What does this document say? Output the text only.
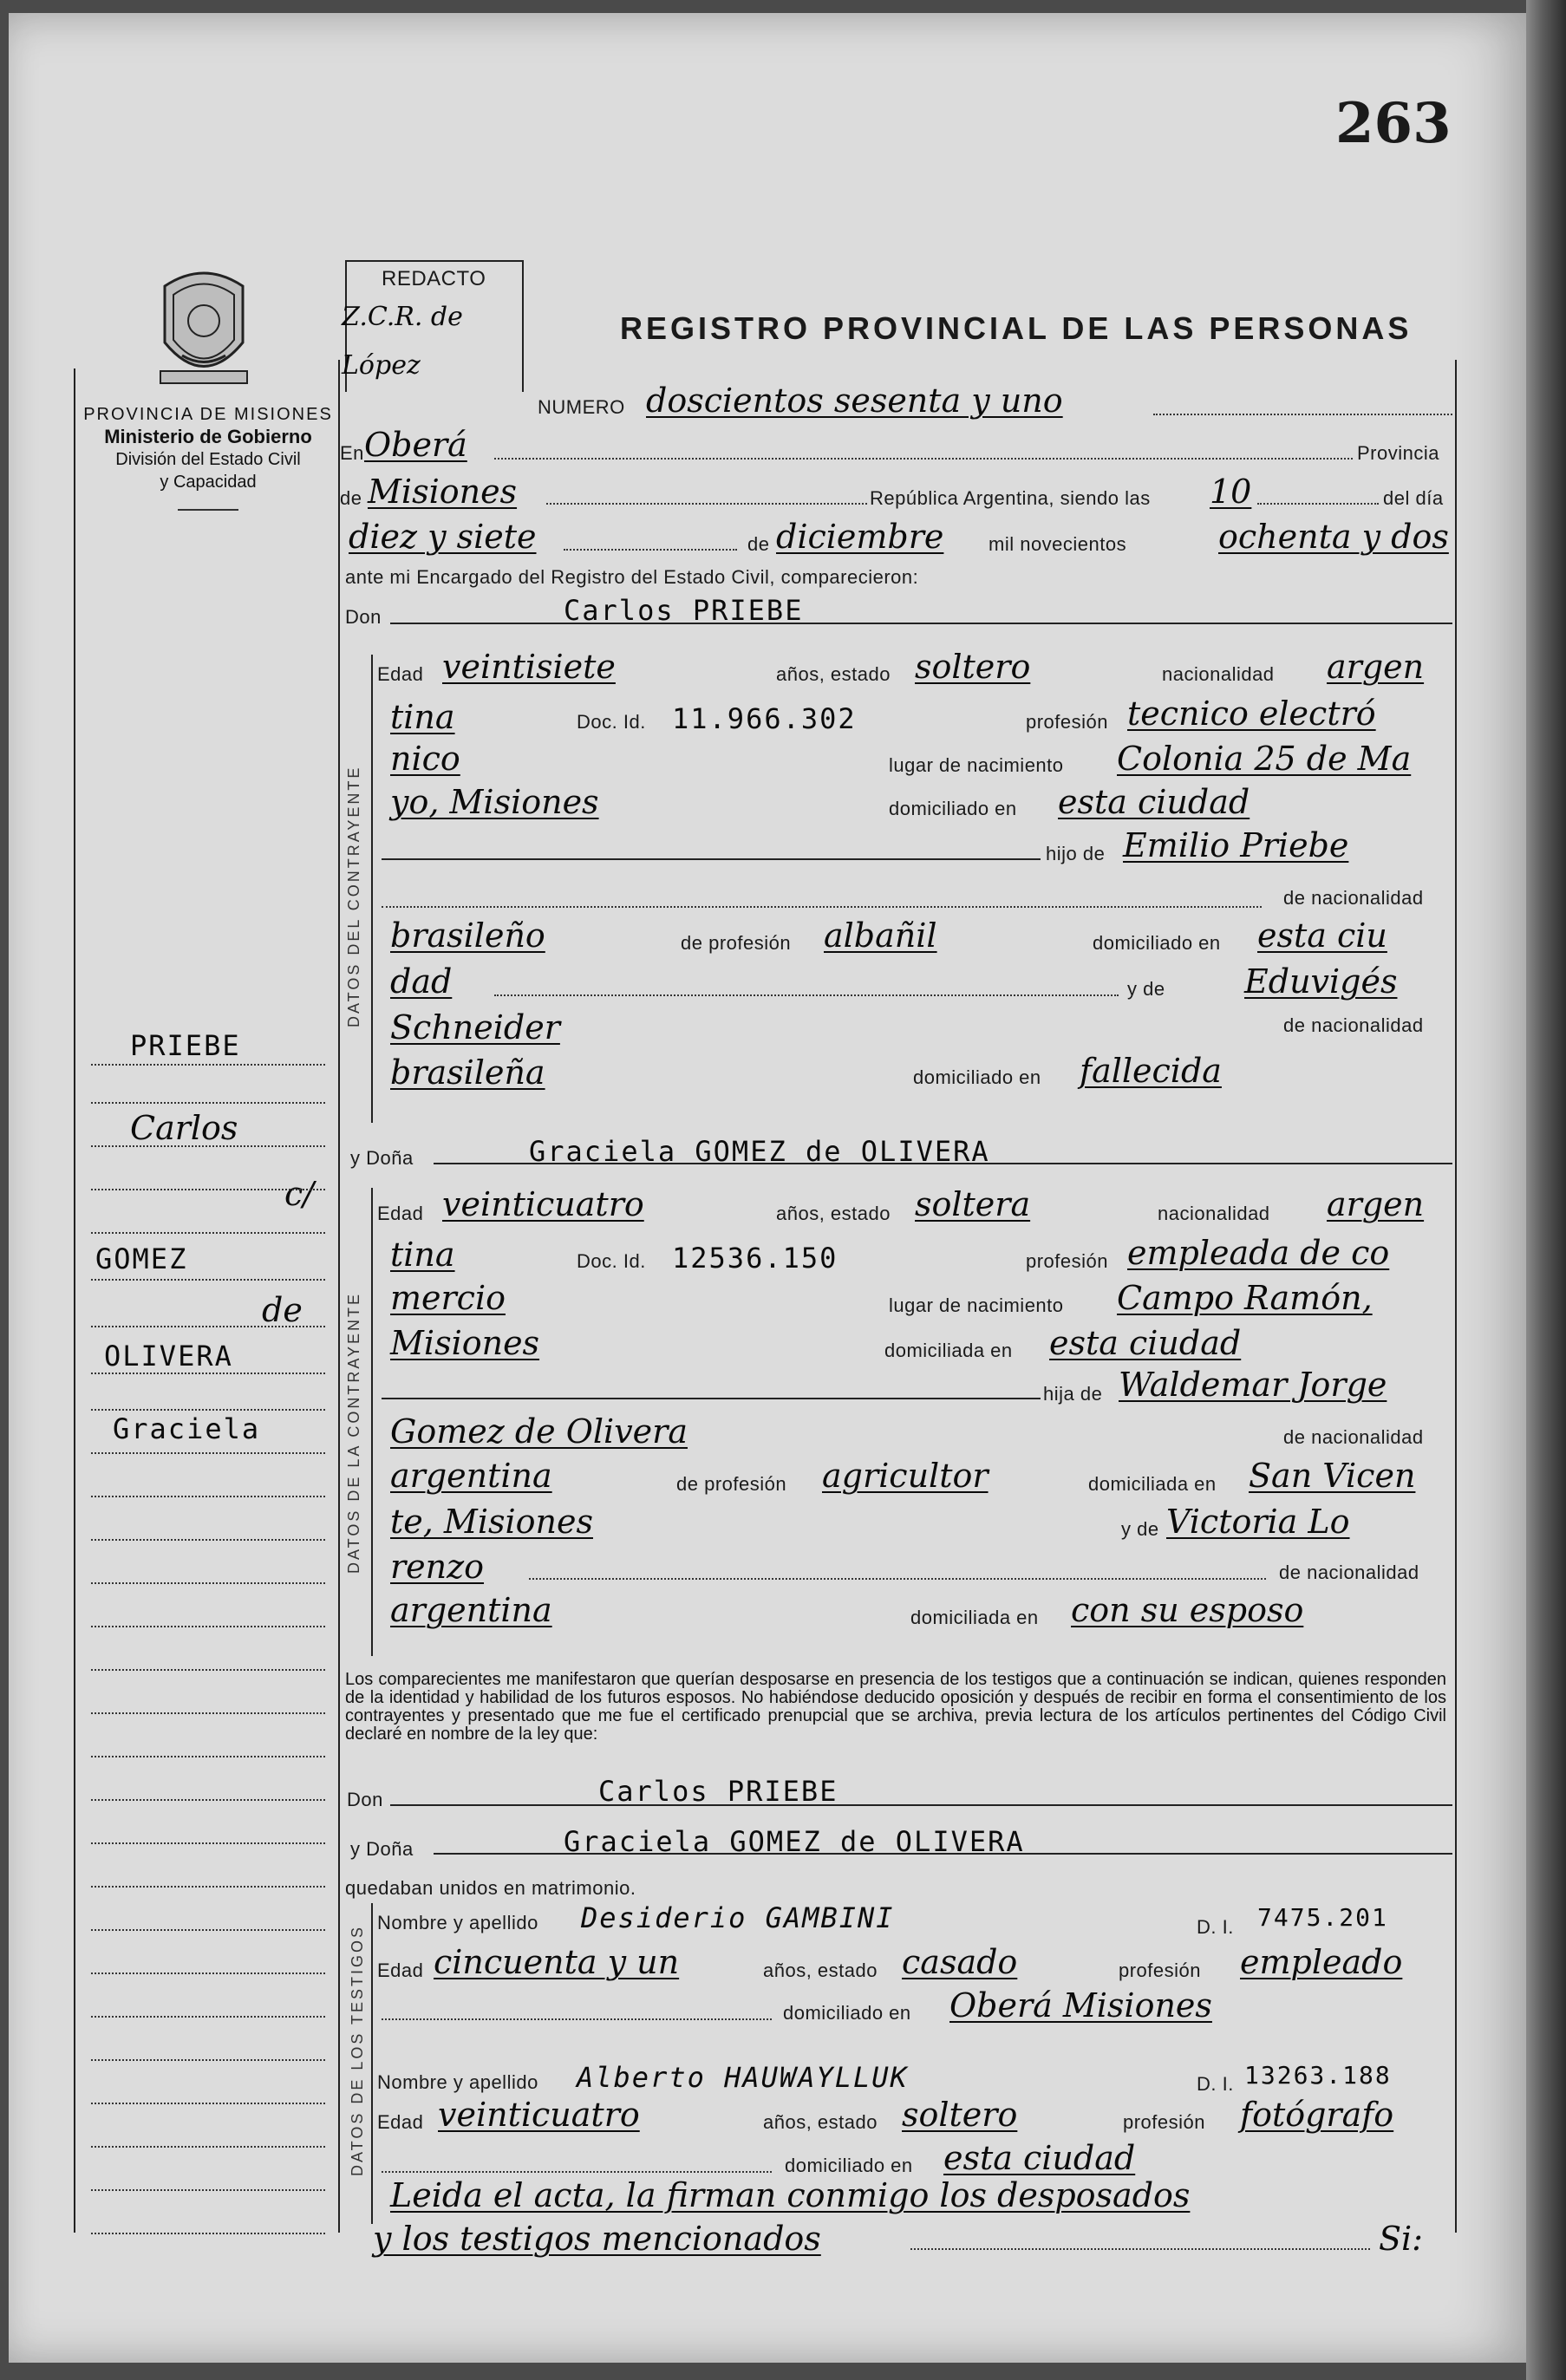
263
PROVINCIA DE MISIONES
Ministerio de Gobierno
División del Estado Civil
y Capacidad
REDACTO
Z.C.R. de López
REGISTRO PROVINCIAL DE LAS PERSONAS
PRIEBE
Carlos
c/
GOMEZ
de
OLIVERA
Graciela
NUMERO doscientos sesenta y uno
En Oberá	Provincia
de Misiones	República Argentina, siendo las 10	del día
diez y siete	de diciembre mil novecientos	ochenta y dos
ante mi Encargado del Registro del Estado Civil, comparecieron:
Don	Carlos PRIEBE
DATOS DEL CONTRAYENTE
Edad veintisiete	años, estado soltero	nacionalidad argen
tina	Doc. Id. 11.966.302	profesión tecnico electró
nico	lugar de nacimiento Colonia 25 de Ma
yo, Misiones	domiciliado en esta ciudad
hijo de Emilio Priebe
de nacionalidad
brasileño	de profesión albañil	domiciliado en esta ciu
dad	y de Eduvigés
Schneider	de nacionalidad
brasileña	domiciliado en fallecida
y Doña	Graciela GOMEZ de OLIVERA
DATOS DE LA CONTRAYENTE
Edad veinticuatro	años, estado soltera	nacionalidad argen
tina	Doc. Id. 12536.150	profesión empleada de co
mercio	lugar de nacimiento Campo Ramón,
Misiones	domiciliada en esta ciudad
hija de Waldemar Jorge
Gomez de Olivera	de nacionalidad
argentina	de profesión agricultor	domiciliada en San Vicen
te, Misiones	y de Victoria Lo
renzo	de nacionalidad
argentina	domiciliada en con su esposo
Los comparecientes me manifestaron que querían desposarse en presencia de los testigos que a continuación se indican, quienes responden de la identidad y habilidad de los futuros esposos. No habiéndose deducido oposición y después de recibir en forma el consentimiento de los contrayentes y presentado que me fue el certificado prenupcial que se archiva, previa lectura de los artículos pertinentes del Código Civil declaré en nombre de la ley que:
Don	Carlos PRIEBE
y Doña	Graciela GOMEZ de OLIVERA
quedaban unidos en matrimonio.
DATOS DE LOS TESTIGOS
Nombre y apellido Desiderio GAMBINI	D. I. 7475.201
Edad cincuenta y un	años, estado casado	profesión empleado
domiciliado en Oberá Misiones
Nombre y apellido Alberto HAUWAYLLUK	D. I. 13263.188
Edad veinticuatro	años, estado soltero	profesión fotógrafo
domiciliado en esta ciudad
Leida el acta, la firman conmigo los desposados
y los testigos mencionados	Si:
